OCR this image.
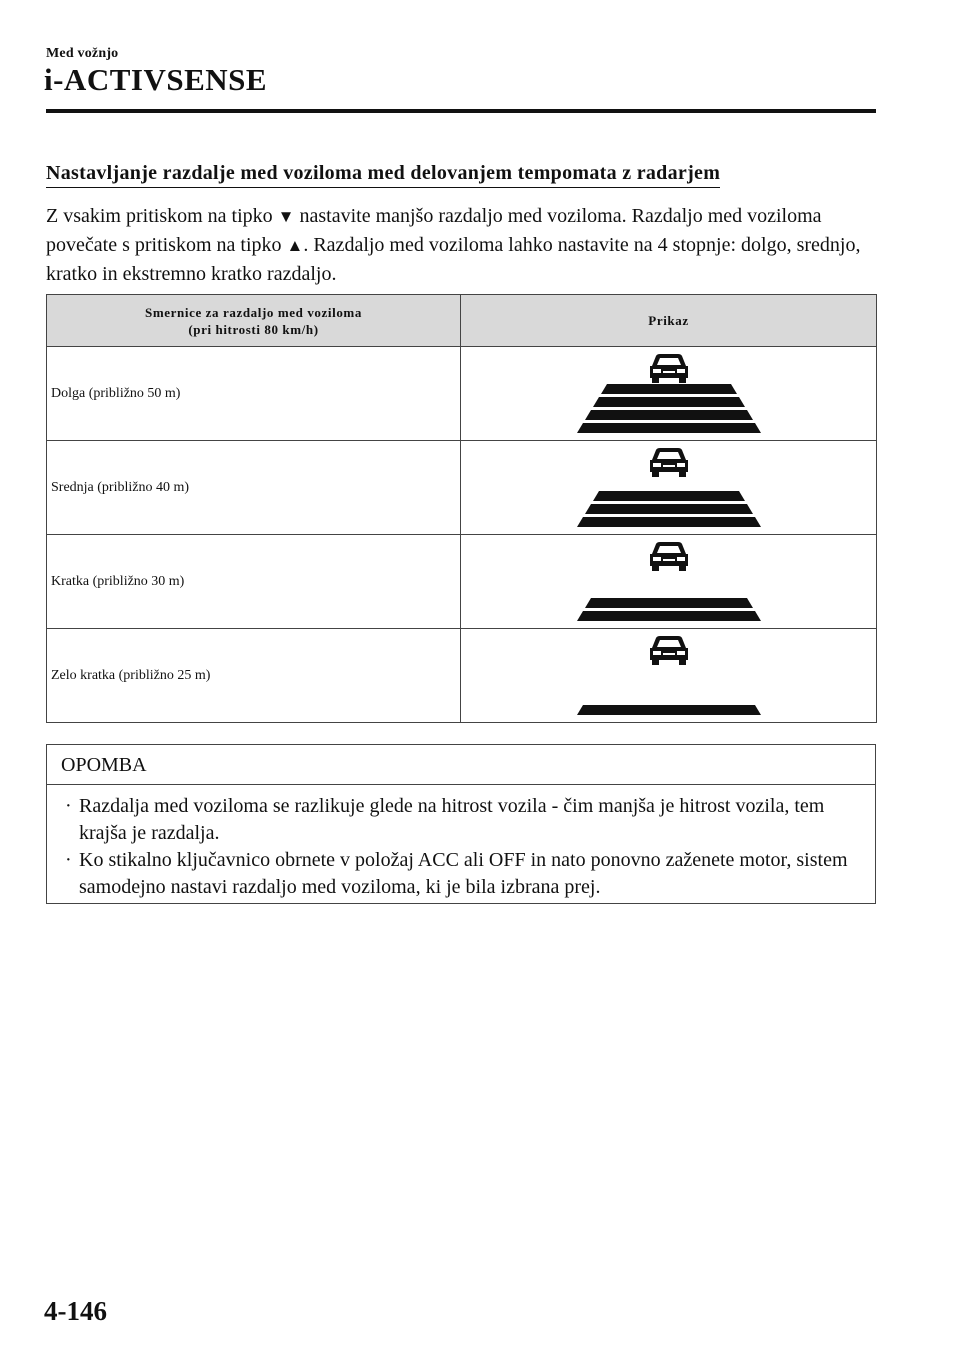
Med vožnjo
i-ACTIVSENSE
Nastavljanje razdalje med voziloma med delovanjem tempomata z radarjem

Z vsakim pritiskom na tipko ▼ nastavite manjšo razdaljo med voziloma. Razdaljo med voziloma povečate s pritiskom na tipko ▲. Razdaljo med voziloma lahko nastavite na 4 stopnje: dolgo, srednjo, kratko in ekstremno kratko razdaljo.

Smernice za razdaljo med voziloma
(pri hitrosti 80 km/h)	Prikaz
Dolga (približno 50 m)	

Srednja (približno 40 m)	

Kratka (približno 30 m)	

Zelo kratka (približno 25 m)	
OPOMBA
· Razdalja med voziloma se razlikuje glede na hitrost vozila - čim manjša je hitrost vozila, tem krajša je razdalja.
· Ko stikalno ključavnico obrnete v položaj ACC ali OFF in nato ponovno zaženete motor, sistem samodejno nastavi razdaljo med voziloma, ki je bila izbrana prej.
4-146
